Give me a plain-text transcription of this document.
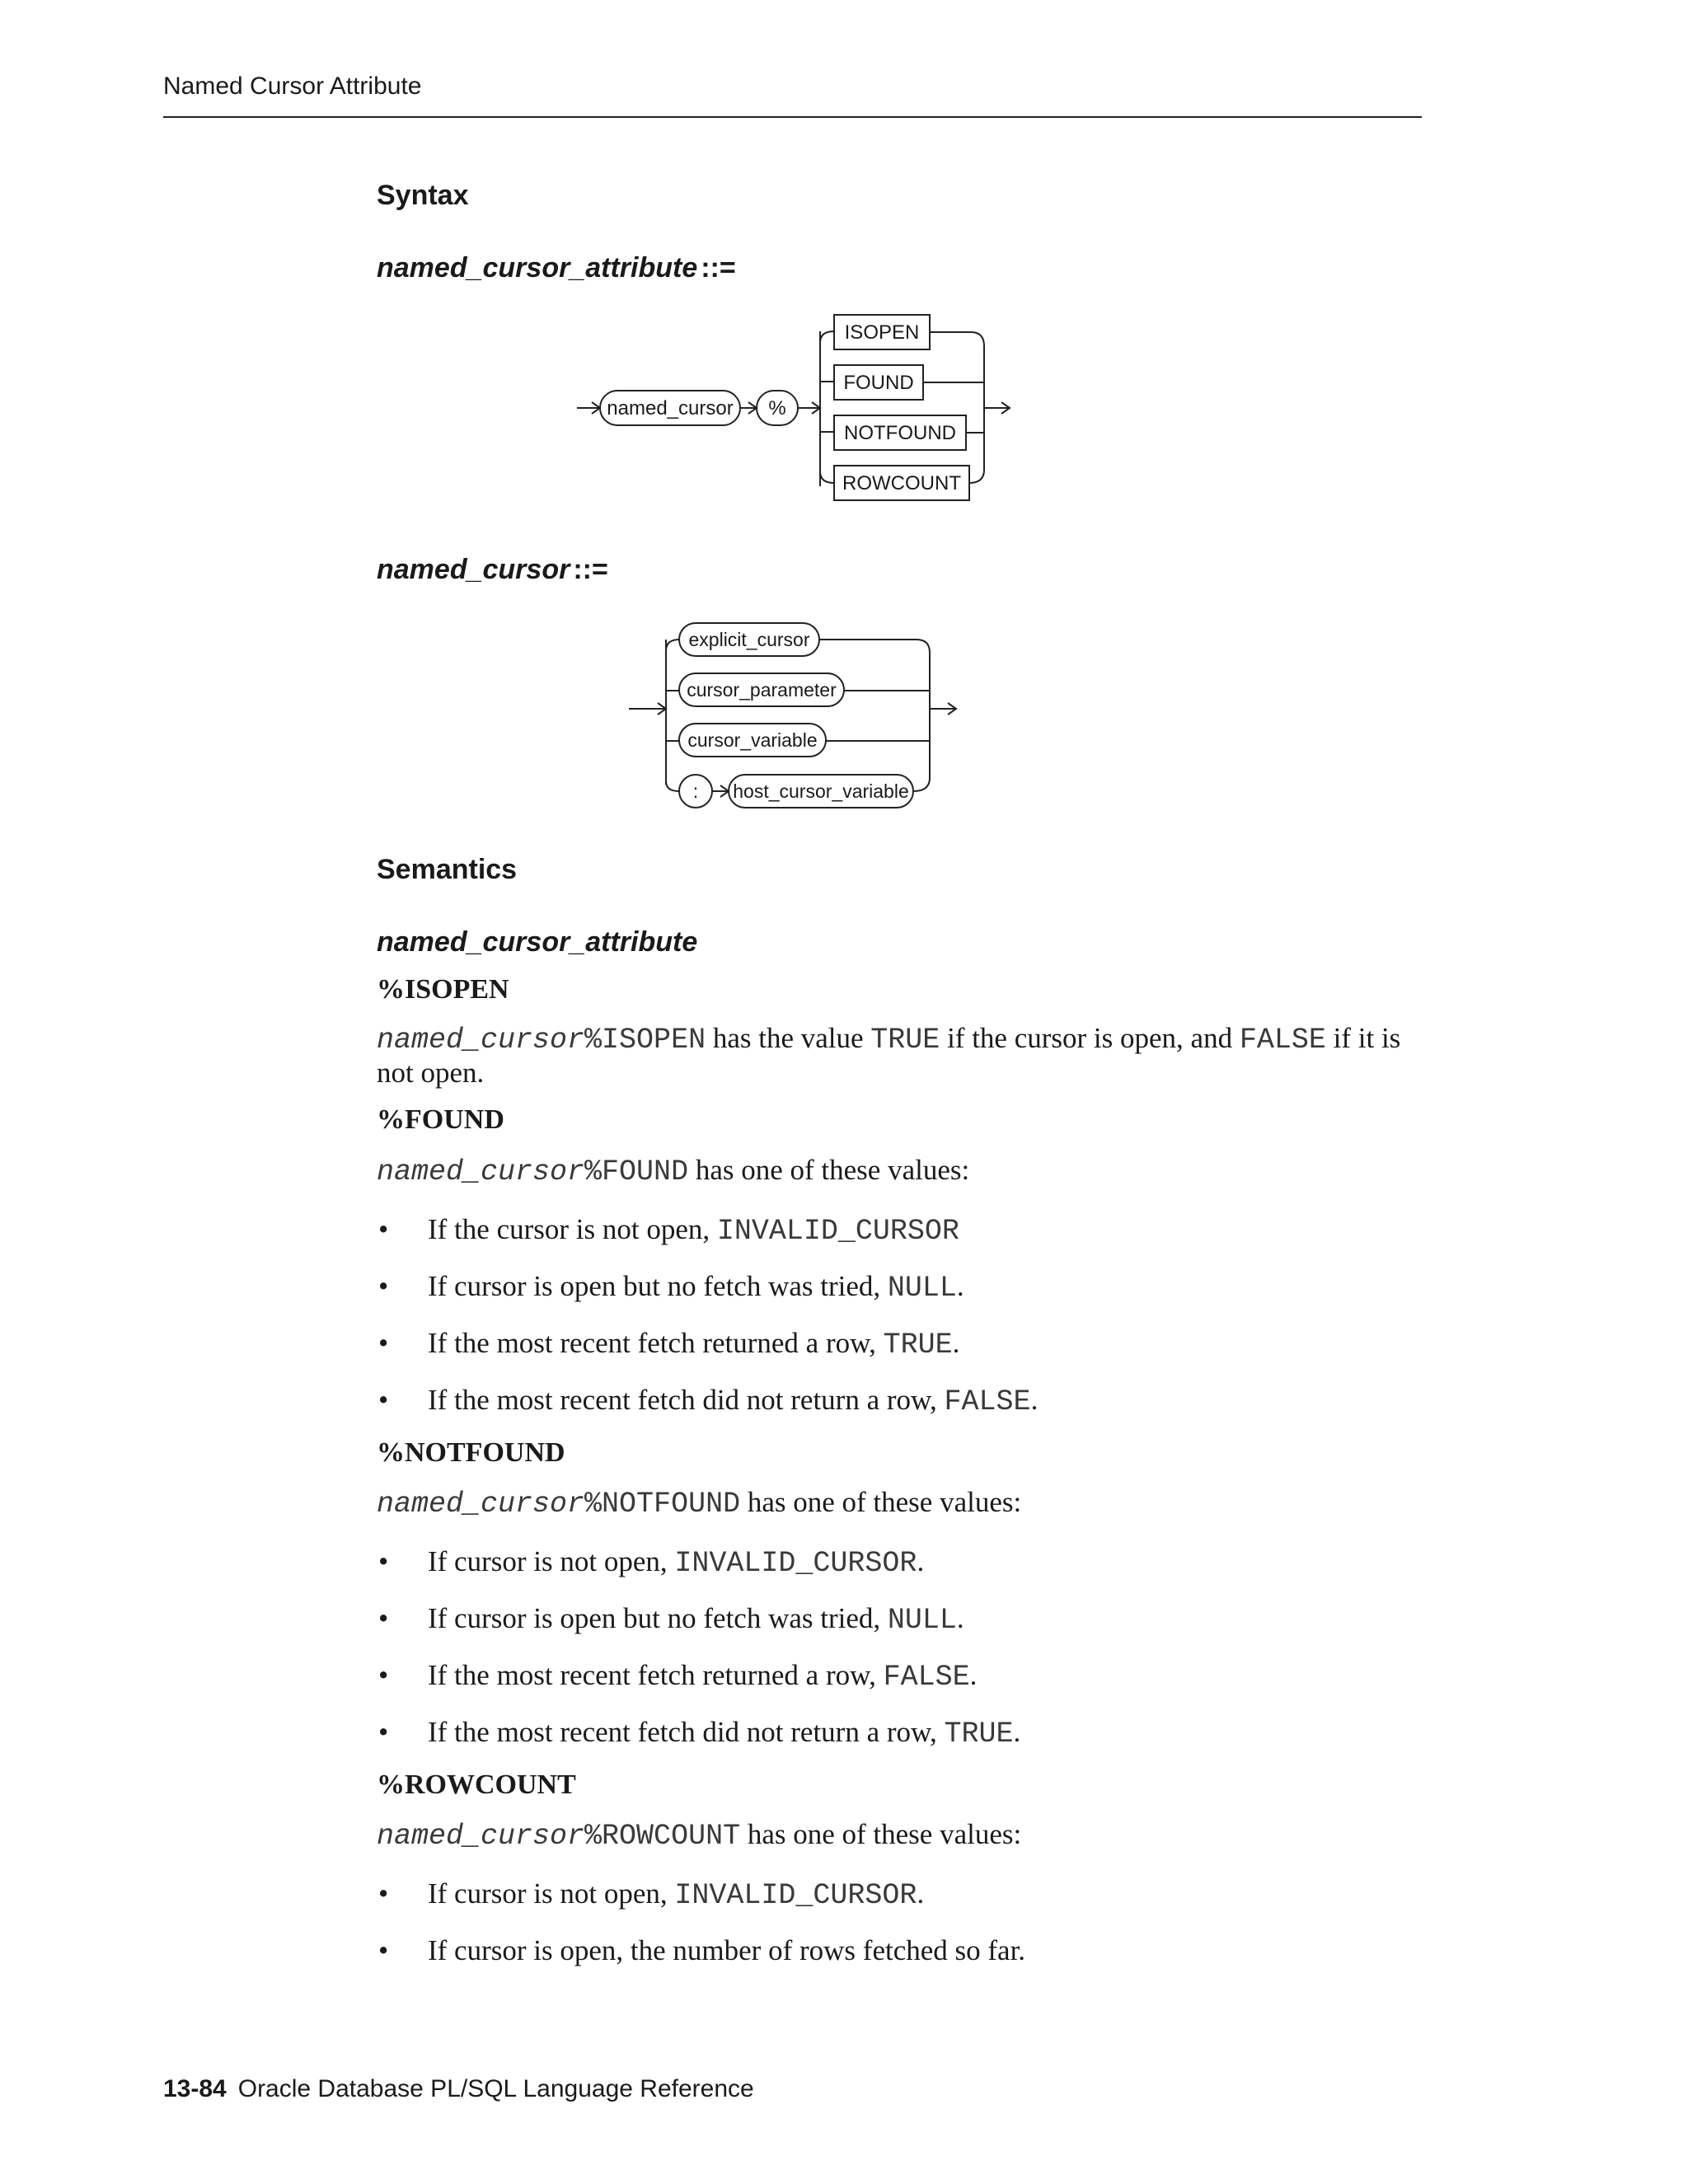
Named Cursor Attribute
Syntax
named_cursor_attribute ::=
named_cursor %
ISOPEN
FOUND
NOTFOUND
ROWCOUNT
named_cursor ::=
explicit_cursor
cursor_parameter
cursor_variable
: host_cursor_variable
Semantics
named_cursor_attribute
%ISOPEN
named_cursor%ISOPEN has the value TRUE if the cursor is open, and FALSE if it is not open.
%FOUND
named_cursor%FOUND has one of these values:
• If the cursor is not open, INVALID_CURSOR
• If cursor is open but no fetch was tried, NULL.
• If the most recent fetch returned a row, TRUE.
• If the most recent fetch did not return a row, FALSE.
%NOTFOUND
named_cursor%NOTFOUND has one of these values:
• If cursor is not open, INVALID_CURSOR.
• If cursor is open but no fetch was tried, NULL.
• If the most recent fetch returned a row, FALSE.
• If the most recent fetch did not return a row, TRUE.
%ROWCOUNT
named_cursor%ROWCOUNT has one of these values:
• If cursor is not open, INVALID_CURSOR.
• If cursor is open, the number of rows fetched so far.
13-84 Oracle Database PL/SQL Language Reference
